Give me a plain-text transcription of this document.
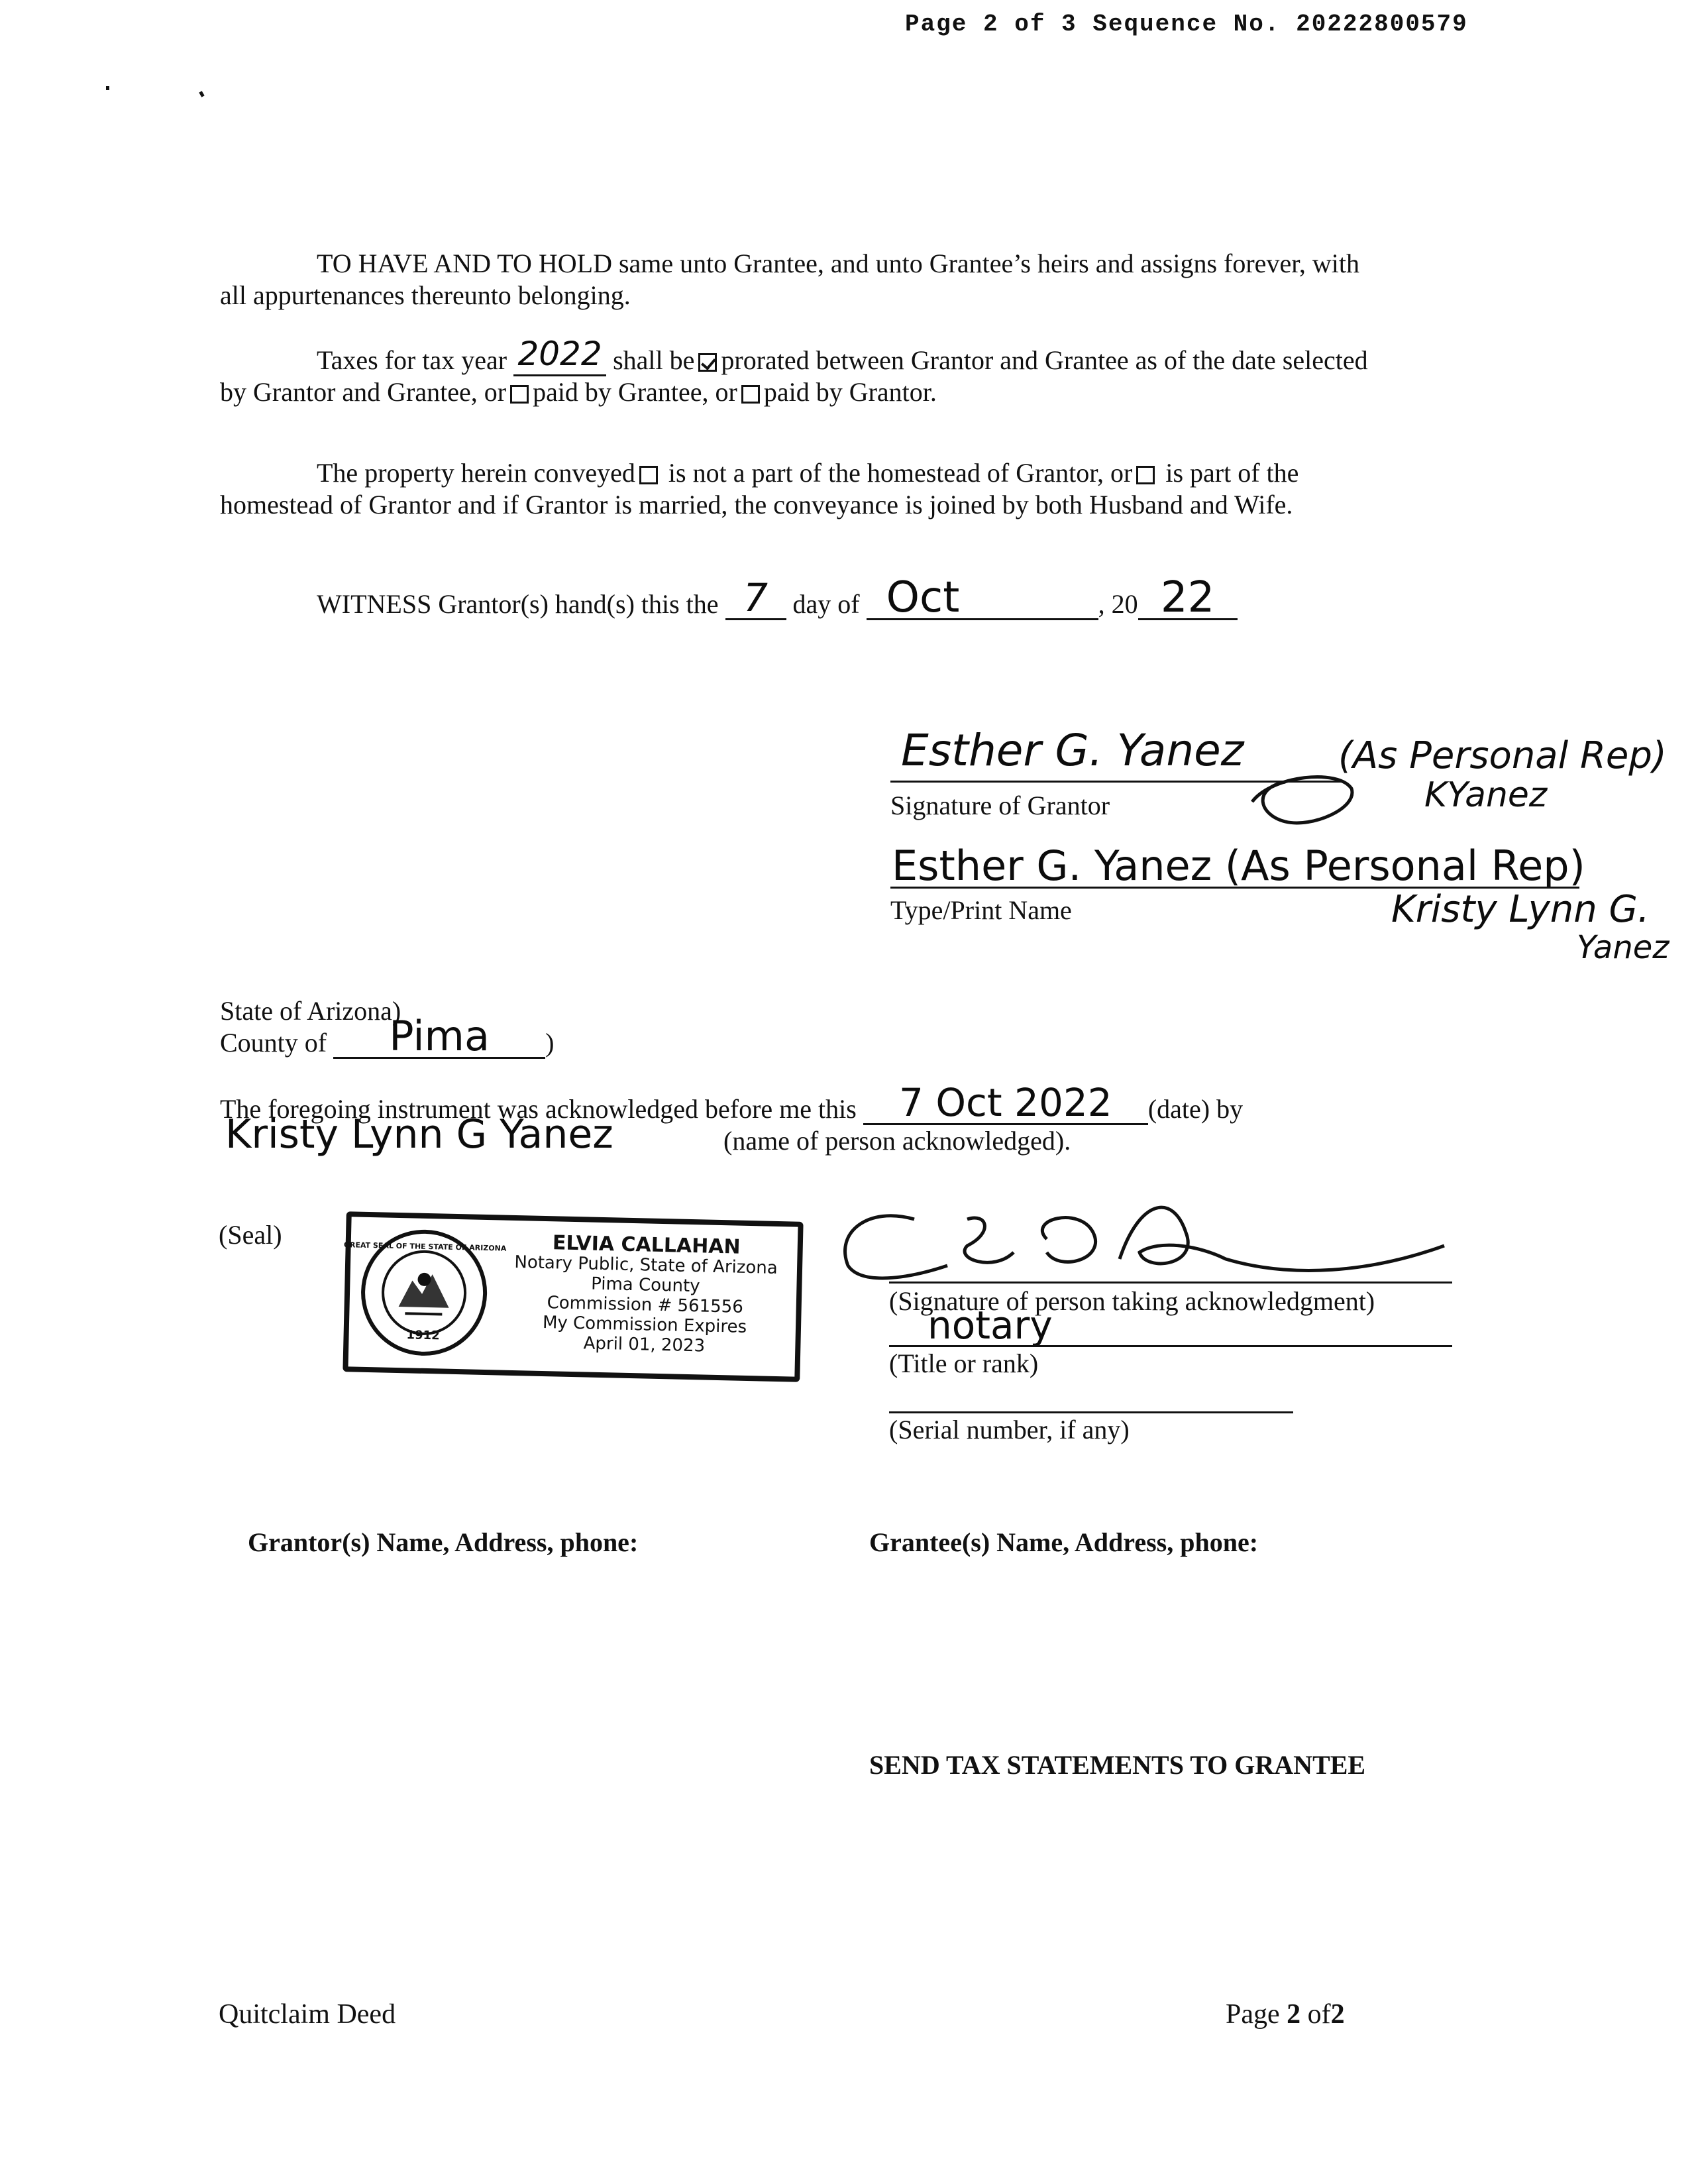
Page 2 of 3 Sequence No. 20222800579
TO HAVE AND TO HOLD same unto Grantee, and unto Grantee’s heirs and assigns forever, with
all appurtenances thereunto belonging.
Taxes for tax year 2022 shall be prorated between Grantor and Grantee as of the date selected
by Grantor and Grantee, or paid by Grantee, or paid by Grantor.
The property herein conveyed is not a part of the homestead of Grantor, or is part of the
homestead of Grantor and if Grantor is married, the conveyance is joined by both Husband and Wife.
WITNESS Grantor(s) hand(s) this the 7 day of Oct	, 20 22
Esther G. Yanez	(As Personal Rep)
Signature of Grantor	KYanez
Esther G. Yanez (As Personal Rep)
Type/Print Name	Kristy Lynn G.
Yanez
State of Arizona)
County of	Pima	)
The foregoing instrument was acknowledged before me this	7 Oct 2022	(date) by
Kristy Lynn G Yanez	(name of person acknowledged).
(Seal)
1912
GREAT SEAL OF THE STATE OF ARIZONA	ELVIA CALLAHAN
Notary Public, State of Arizona
Pima County
Commission # 561556
My Commission Expires
April 01, 2023
(Signature of person taking acknowledgment)
notary
(Title or rank)
(Serial number, if any)
Grantor(s) Name, Address, phone:	Grantee(s) Name, Address, phone:
SEND TAX STATEMENTS TO GRANTEE
Quitclaim Deed	Page 2 of2
